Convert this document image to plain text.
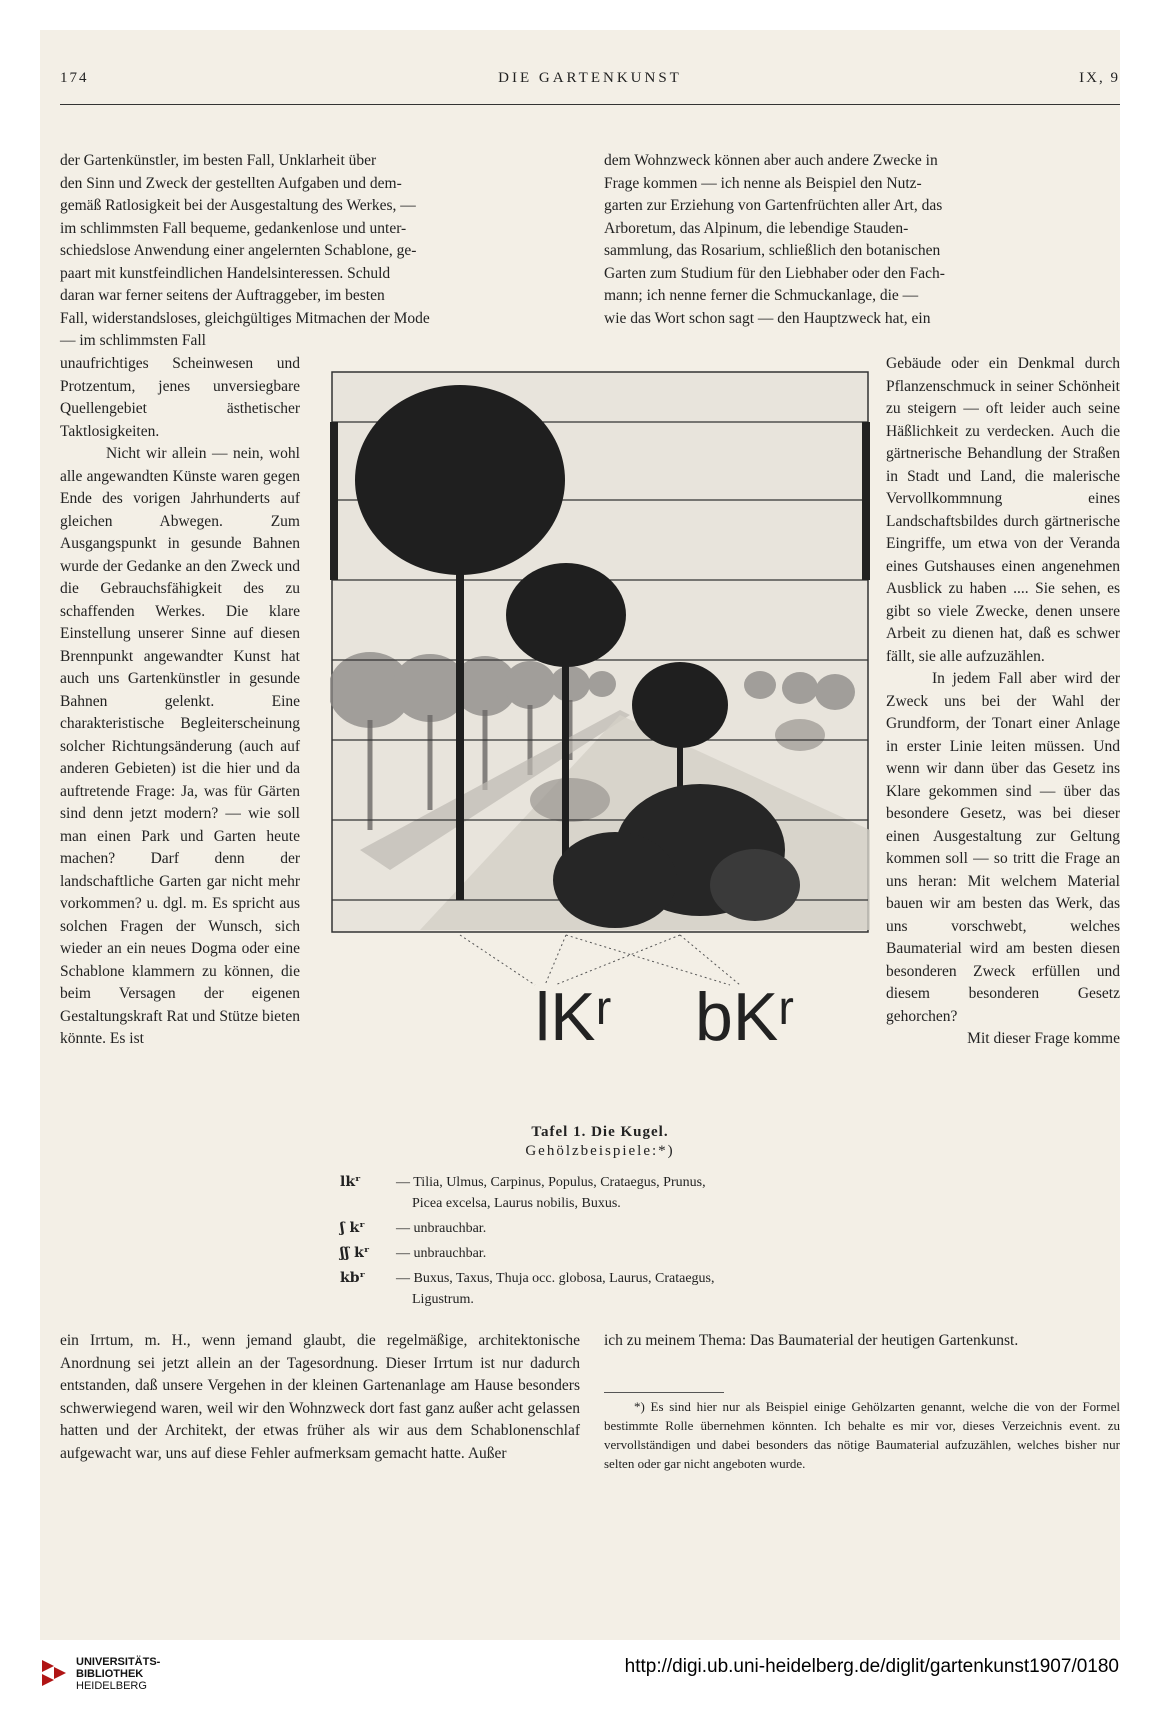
174	DIE GARTENKUNST	IX, 9

der Gartenkünstler, im besten Fall, Unklarheit über

den Sinn und Zweck der gestellten Aufgaben und dem-

gemäß Ratlosigkeit bei der Ausgestaltung des Werkes, —

im schlimmsten Fall bequeme, gedankenlose und unter-

schiedslose Anwendung einer angelernten Schablone, ge-

paart mit kunstfeindlichen Handelsinteressen. Schuld

daran war ferner seitens der Auftraggeber, im besten

Fall, widerstandsloses, gleichgültiges Mitmachen der Mode

— im schlimmsten Fall

unaufrichtiges Scheinwesen und Protzentum, jenes unversiegbare Quellengebiet ästhetischer Taktlosigkeiten.

Nicht wir allein — nein, wohl alle angewandten Künste waren gegen Ende des vorigen Jahrhunderts auf gleichen Abwegen. Zum Ausgangspunkt in gesunde Bahnen wurde der Gedanke an den Zweck und die Gebrauchsfähigkeit des zu schaffenden Werkes. Die klare Einstellung unserer Sinne auf diesen Brennpunkt angewandter Kunst hat auch uns Gartenkünstler in gesunde Bahnen gelenkt. Eine charakteristische Begleiterscheinung solcher Richtungsänderung (auch auf anderen Gebieten) ist die hier und da auftretende Frage: Ja, was für Gärten sind denn jetzt modern? — wie soll man einen Park und Garten heute machen? Darf denn der landschaftliche Garten gar nicht mehr vorkommen? u. dgl. m. Es spricht aus solchen Fragen der Wunsch, sich wieder an ein neues Dogma oder eine Schablone klammern zu können, die beim Versagen der eigenen Gestaltungskraft Rat und Stütze bieten könnte. Es ist

ein Irrtum, m. H., wenn jemand glaubt, die regelmäßige, architektonische Anordnung sei jetzt allein an der Tagesordnung. Dieser Irrtum ist nur dadurch entstanden, daß unsere Vergehen in der kleinen Gartenanlage am Hause besonders schwerwiegend waren, weil wir den Wohnzweck dort fast ganz außer acht gelassen hatten und der Architekt, der etwas früher als wir aus dem Schablonenschlaf aufgewacht war, uns auf diese Fehler aufmerksam gemacht hatte. Außer

dem Wohnzweck können aber auch andere Zwecke in

Frage kommen — ich nenne als Beispiel den Nutz-

garten zur Erziehung von Gartenfrüchten aller Art, das

Arboretum, das Alpinum, die lebendige Stauden-

sammlung, das Rosarium, schließlich den botanischen

Garten zum Studium für den Liebhaber oder den Fach-

mann; ich nenne ferner die Schmuckanlage, die —

wie das Wort schon sagt — den Hauptzweck hat, ein

Gebäude oder ein Denkmal durch Pflanzenschmuck in seiner Schönheit zu steigern — oft leider auch seine Häßlichkeit zu verdecken. Auch die gärtnerische Behandlung der Straßen in Stadt und Land, die malerische Vervollkommnung eines Landschaftsbildes durch gärtnerische Eingriffe, um etwa von der Veranda eines Gutshauses einen angenehmen Ausblick zu haben .... Sie sehen, es gibt so viele Zwecke, denen unsere Arbeit zu dienen hat, daß es schwer fällt, sie alle aufzuzählen.

In jedem Fall aber wird der Zweck uns bei der Wahl der Grundform, der Tonart einer Anlage in erster Linie leiten müssen. Und wenn wir dann über das Gesetz ins Klare gekommen sind — über das besondere Gesetz, was bei dieser einen Ausgestaltung zur Geltung kommen soll — so tritt die Frage an uns heran: Mit welchem Material bauen wir am besten das Werk, das uns vorschwebt, welches Baumaterial wird am besten diesen besonderen Zweck erfüllen und diesem besonderen Gesetz gehorchen?

Mit dieser Frage komme

ich zu meinem Thema: Das Baumaterial der heutigen Gartenkunst.

*) Es sind hier nur als Beispiel einige Gehölzarten genannt, welche die von der Formel bestimmte Rolle übernehmen könnten. Ich behalte es mir vor, dieses Verzeichnis event. zu vervollständigen und dabei besonders das nötige Baumaterial aufzuzählen, welches bisher nur selten oder gar nicht angeboten wurde.

lKʳ bKʳ
Tafel 1. Die Kugel.
Gehölzbeispiele:*)
lkʳ	— Tilia, Ulmus, Carpinus, Populus, Crataegus, Prunus,
Picea excelsa, Laurus nobilis, Buxus.
ʃ kʳ	— unbrauchbar.
ʃʃ kʳ	— unbrauchbar.
kbʳ	— Buxus, Taxus, Thuja occ. globosa, Laurus, Crataegus,
Ligustrum.
UNIVERSITÄTS-
BIBLIOTHEK
HEIDELBERG
http://digi.ub.uni-heidelberg.de/diglit/gartenkunst1907/0180
